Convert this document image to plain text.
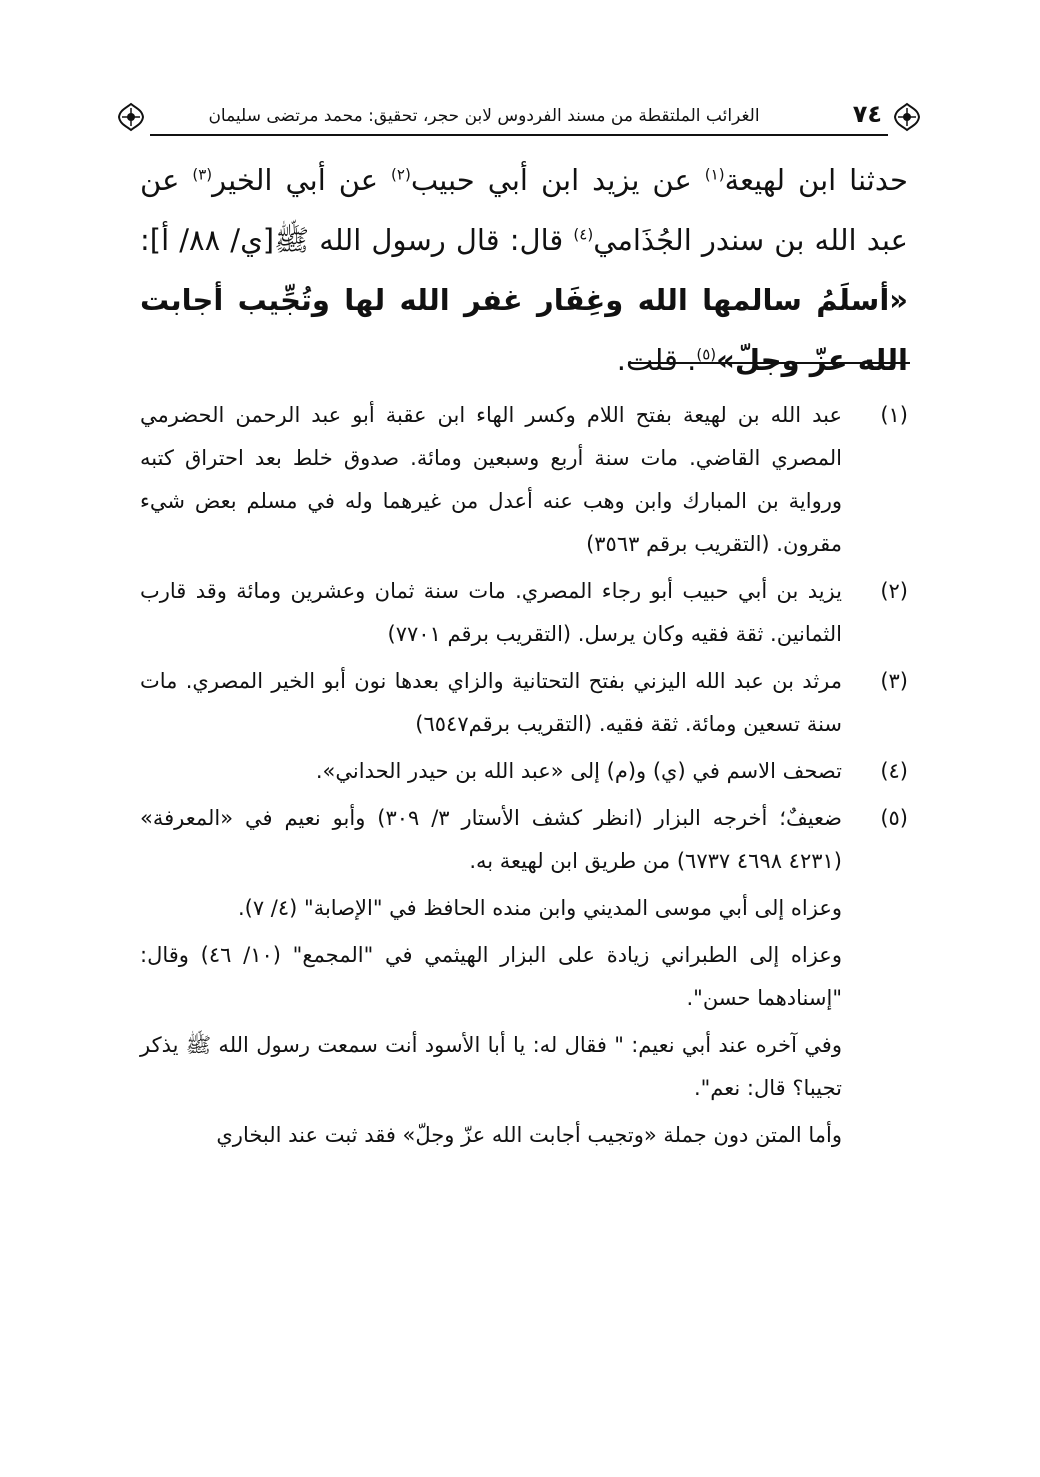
٧٤
الغرائب الملتقطة من مسند الفردوس لابن حجر، تحقيق: محمد مرتضى سليمان

حدثنا ابن لهيعة$^{(١)}$ عن يزيد ابن أبي حبيب$^{(٢)}$ عن أبي الخير$^{(٣)}$ عن عبد الله بن سندر الجُذَامي$^{(٤)}$ قال: قال رسول الله ﷺ[ي/ ٨٨/ أ]: «أسلَمُ سالمها الله وغِفَار غفر الله لها وتُجِّيب أجابت الله عزّ وجلّ»$^{(٥)}$. قلت.

(١)
عبد الله بن لهيعة بفتح اللام وكسر الهاء ابن عقبة أبو عبد الرحمن الحضرمي المصري القاضي. مات سنة أربع وسبعين ومائة. صدوق خلط بعد احتراق كتبه ورواية بن المبارك وابن وهب عنه أعدل من غيرهما وله في مسلم بعض شيء مقرون. (التقريب برقم ٣٥٦٣)
(٢)
يزيد بن أبي حبيب أبو رجاء المصري. مات سنة ثمان وعشرين ومائة وقد قارب الثمانين. ثقة فقيه وكان يرسل. (التقريب برقم ٧٧٠١)
(٣)
مرثد بن عبد الله اليزني بفتح التحتانية والزاي بعدها نون أبو الخير المصري. مات سنة تسعين ومائة. ثقة فقيه. (التقريب برقم٦٥٤٧)
(٤)
تصحف الاسم في (ي) و(م) إلى «عبد الله بن حيدر الحداني».
(٥)
ضعيفٌ؛ أخرجه البزار (انظر كشف الأستار ٣/ ٣٠٩) وأبو نعيم في «المعرفة» (٤٢٣١ ٤٦٩٨ ٦٧٣٧) من طريق ابن لهيعة به.

وعزاه إلى أبي موسى المديني وابن منده الحافظ في "الإصابة" (٤/ ٧).

وعزاه إلى الطبراني زيادة على البزار الهيثمي في "المجمع" (١٠/ ٤٦) وقال: "إسنادهما حسن".

وفي آخره عند أبي نعيم: " فقال له: يا أبا الأسود أنت سمعت رسول الله ﷺ يذكر تجيبا؟ قال: نعم".

وأما المتن دون جملة «وتجيب أجابت الله عزّ وجلّ» فقد ثبت عند البخاري
